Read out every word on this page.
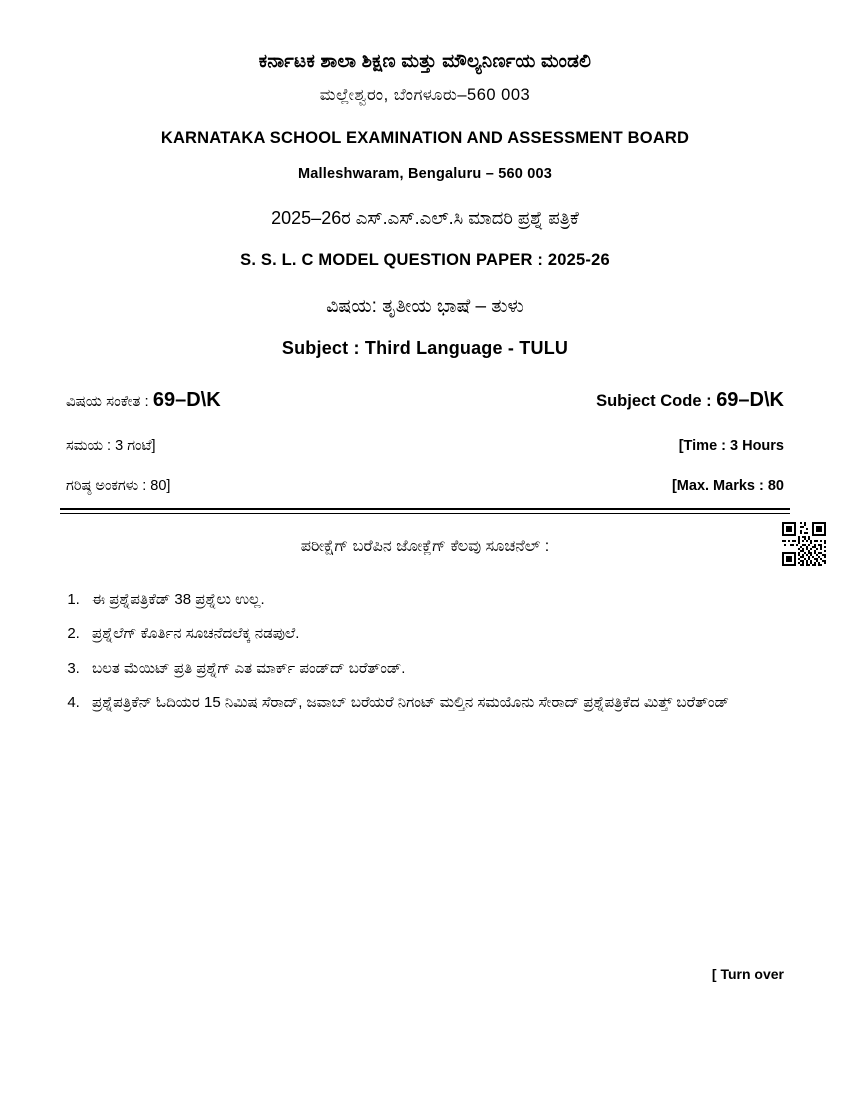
ಕರ್ನಾಟಕ ಶಾಲಾ ಶಿಕ್ಷಣ ಮತ್ತು ಮೌಲ್ಯನಿರ್ಣಯ ಮಂಡಲಿ
ಮಲ್ಲೇಶ್ವರಂ, ಬೆಂಗಳೂರು–560 003
KARNATAKA SCHOOL EXAMINATION AND ASSESSMENT BOARD
Malleshwaram, Bengaluru – 560 003
2025–26ರ ಎಸ್.ಎಸ್.ಎಲ್.ಸಿ ಮಾದರಿ ಪ್ರಶ್ನೆ ಪತ್ರಿಕೆ
S. S. L. C MODEL QUESTION PAPER : 2025-26
ವಿಷಯ: ತೃತೀಯ ಭಾಷೆ – ತುಳು
Subject : Third Language - TULU
ವಿಷಯ ಸಂಕೇತ : 69–D\K	Subject Code : 69–D\K
ಸಮಯ : 3 ಗಂಟೆ]	[Time : 3 Hours
ಗರಿಷ್ಠ ಅಂಕಗಳು : 80]	[Max. Marks : 80
ಪರೀಕ್ಷೆಗ್ ಬರೆಪಿನ ಜೋಕ್ಲೆಗ್ ಕೆಲವು ಸೂಚನೆಲ್ :
1. ಈ ಪ್ರಶ್ನೆಪತ್ರಿಕೆಡ್ 38 ಪ್ರಶ್ನೆಲು ಉಲ್ಲ.
2. ಪ್ರಶ್ನೆಲೆಗ್ ಕೊರ್ತಿನ ಸೂಚನೆದಲೆಕ್ಕ ನಡಪುಲೆ.
3. ಬಲತ ಮೆಯಿಟ್ ಪ್ರತಿ ಪ್ರಶ್ನೆಗ್ ಎತ ಮಾರ್ಕ್ ಪಂಡ್‌ದ್ ಬರೆತ್‌ಂಡ್.
4. ಪ್ರಶ್ನೆಪತ್ರಿಕೆನ್ ಓದಿಯರ 15 ನಿಮಿಷ ಸೆರಾದ್, ಜವಾಬ್ ಬರೆಯರೆ ನಿಗಂಟ್ ಮಲ್ತಿನ ಸಮಯೊನು ಸೇರಾದ್ ಪ್ರಶ್ನೆಪತ್ರಿಕೆದ ಮಿತ್ತ್ ಬರೆತ್‌ಂಡ್
[ Turn over
